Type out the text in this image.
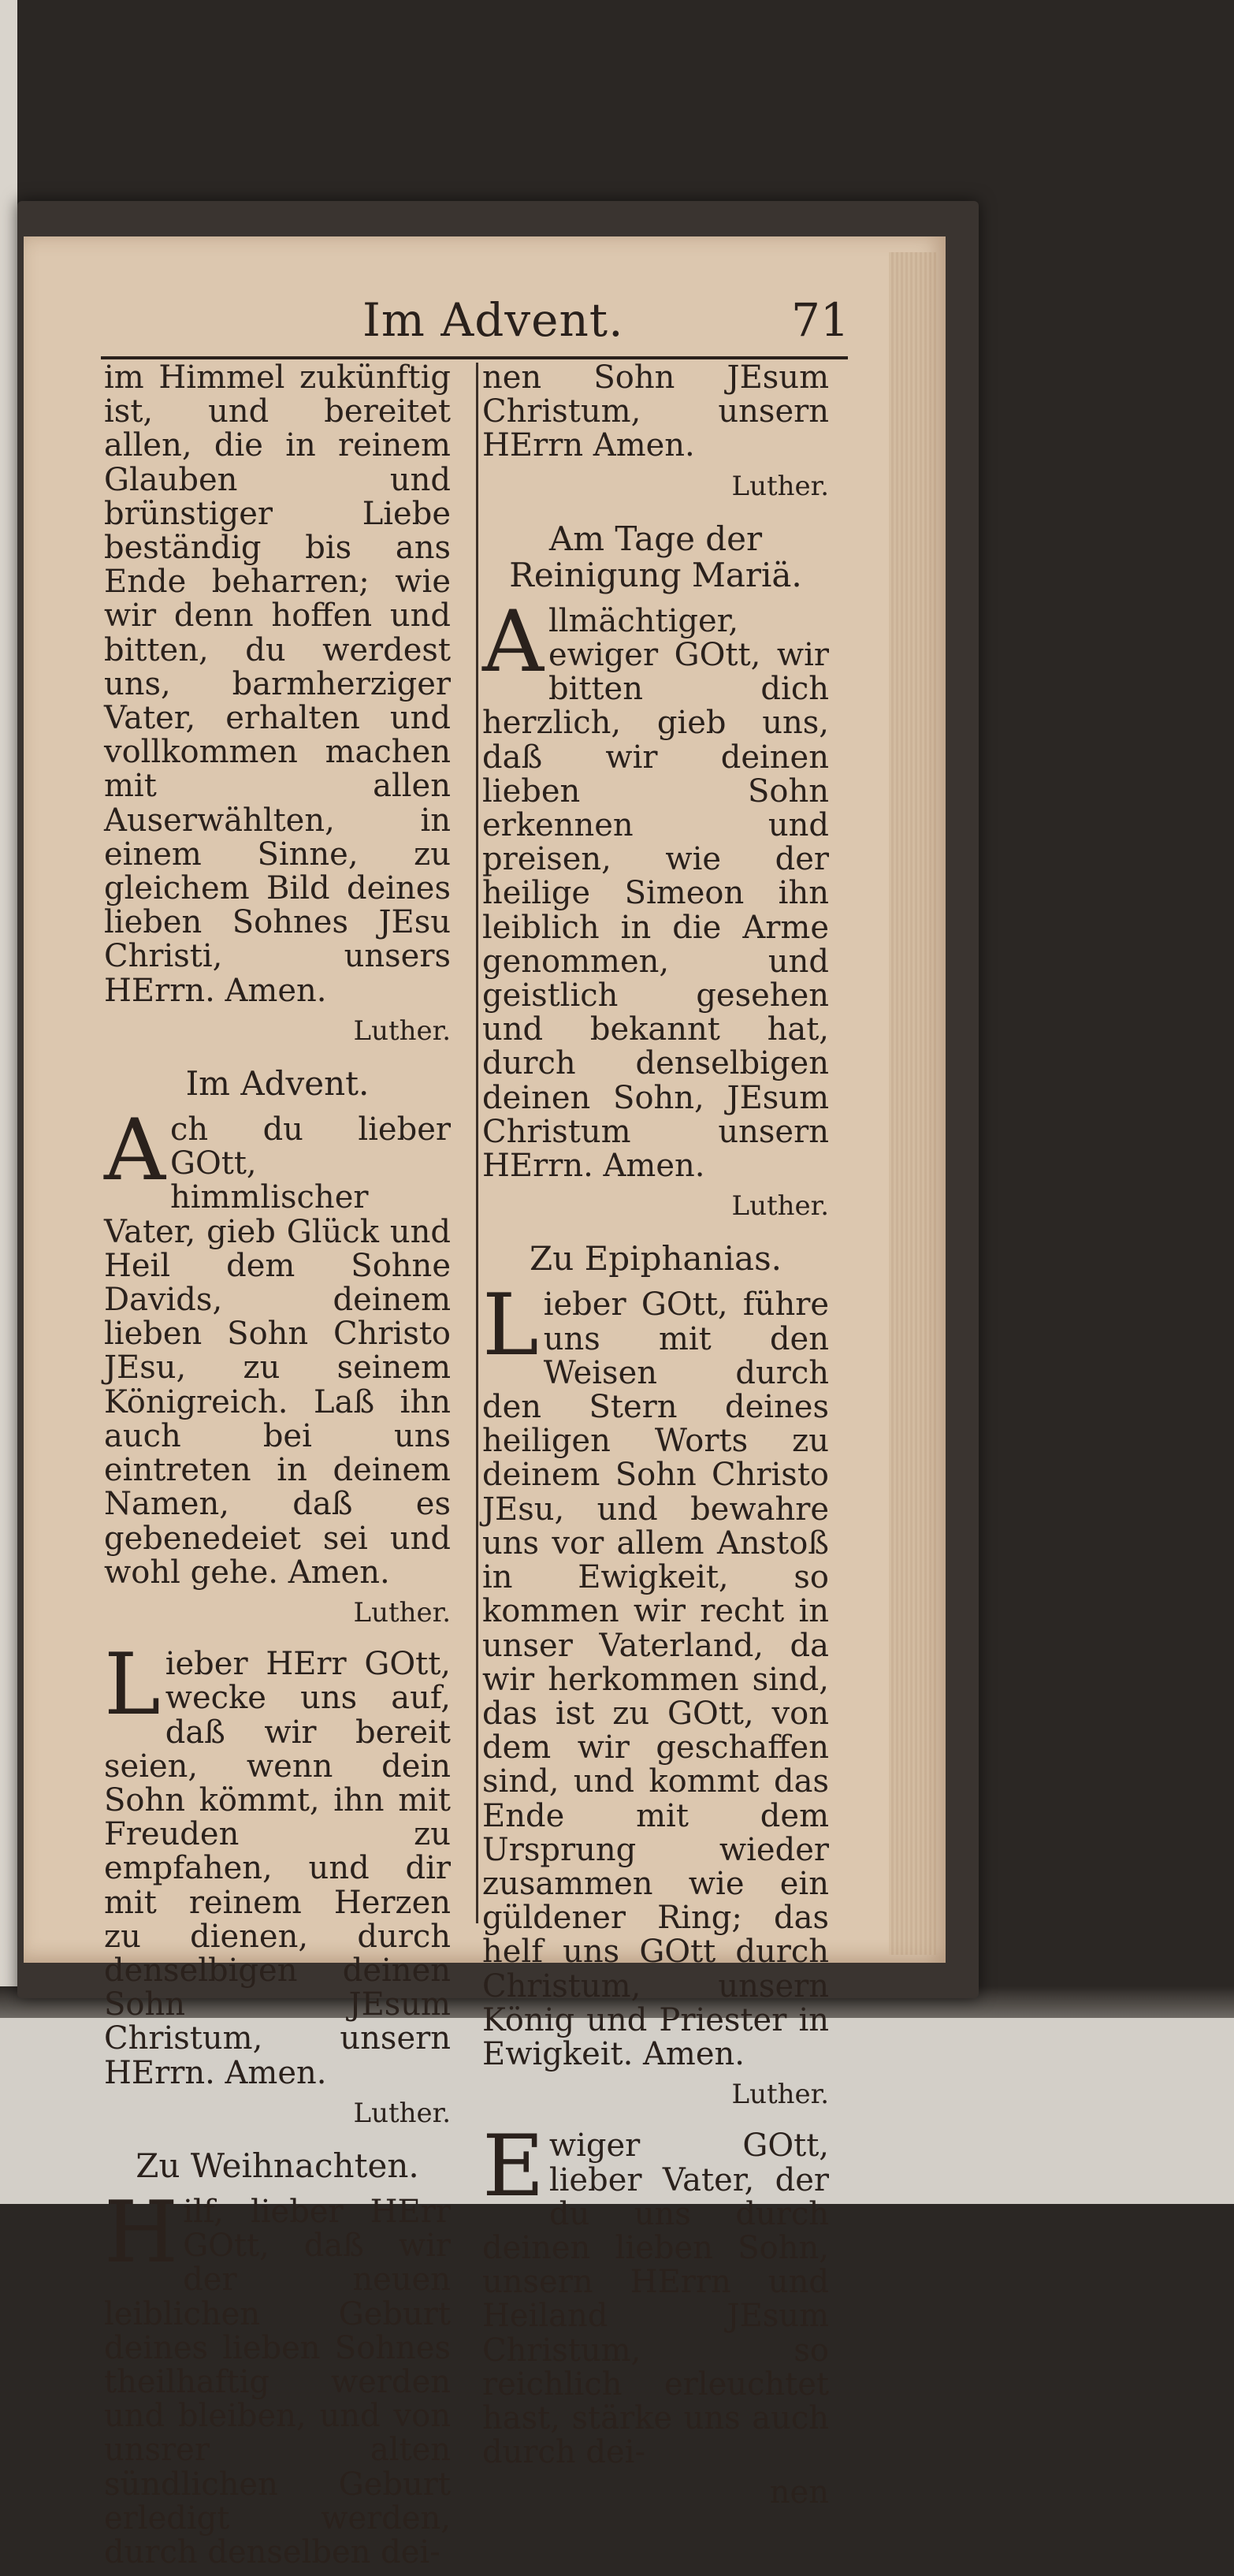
Im Advent.	71

im Himmel zukünftig ist, und bereitet allen, die in reinem Glauben und brünstiger Liebe beständig bis ans Ende beharren; wie wir denn hoffen und bitten, du werdest uns, barmherziger Vater, erhalten und vollkommen machen mit allen Auserwählten, in einem Sinne, zu gleichem Bild deines lieben Sohnes JEsu Christi, unsers HErrn. Amen.

Luther.

Im Advent.

Ach du lieber GOtt, himmlischer Vater, gieb Glück und Heil dem Sohne Davids, deinem lieben Sohn Christo JEsu, zu seinem Königreich. Laß ihn auch bei uns eintreten in deinem Namen, daß es gebenedeiet sei und wohl gehe. Amen.

Luther.

Lieber HErr GOtt, wecke uns auf, daß wir bereit seien, wenn dein Sohn kömmt, ihn mit Freuden zu empfahen, und dir mit reinem Herzen zu dienen, durch denselbigen deinen Sohn JEsum Christum, unsern HErrn. Amen.

Luther.

Zu Weihnachten.

Hilf, lieber HErr GOtt, daß wir der neuen leiblichen Geburt deines lieben Sohnes theilhaftig werden und bleiben, und von unsrer alten sündlichen Geburt erledigt werden, durch denselben dei-

nen Sohn JEsum Christum, unsern HErrn Amen.

Luther.

Am Tage der Reinigung Mariä.

Allmächtiger, ewiger GOtt, wir bitten dich herzlich, gieb uns, daß wir deinen lieben Sohn erkennen und preisen, wie der heilige Simeon ihn leiblich in die Arme genommen, und geistlich gesehen und bekannt hat, durch denselbigen deinen Sohn, JEsum Christum unsern HErrn. Amen.

Luther.

Zu Epiphanias.

Lieber GOtt, führe uns mit den Weisen durch den Stern deines heiligen Worts zu deinem Sohn Christo JEsu, und bewahre uns vor allem Anstoß in Ewigkeit, so kommen wir recht in unser Vaterland, da wir herkommen sind, das ist zu GOtt, von dem wir geschaffen sind, und kommt das Ende mit dem Ursprung wieder zusammen wie ein güldener Ring; das helf uns GOtt durch Christum, unsern König und Priester in Ewigkeit. Amen.

Luther.

Ewiger GOtt, lieber Vater, der du uns durch deinen lieben Sohn, unsern HErrn und Heiland JEsum Christum, so reichlich erleuchtet hast, stärke uns auch durch dei-

nen
